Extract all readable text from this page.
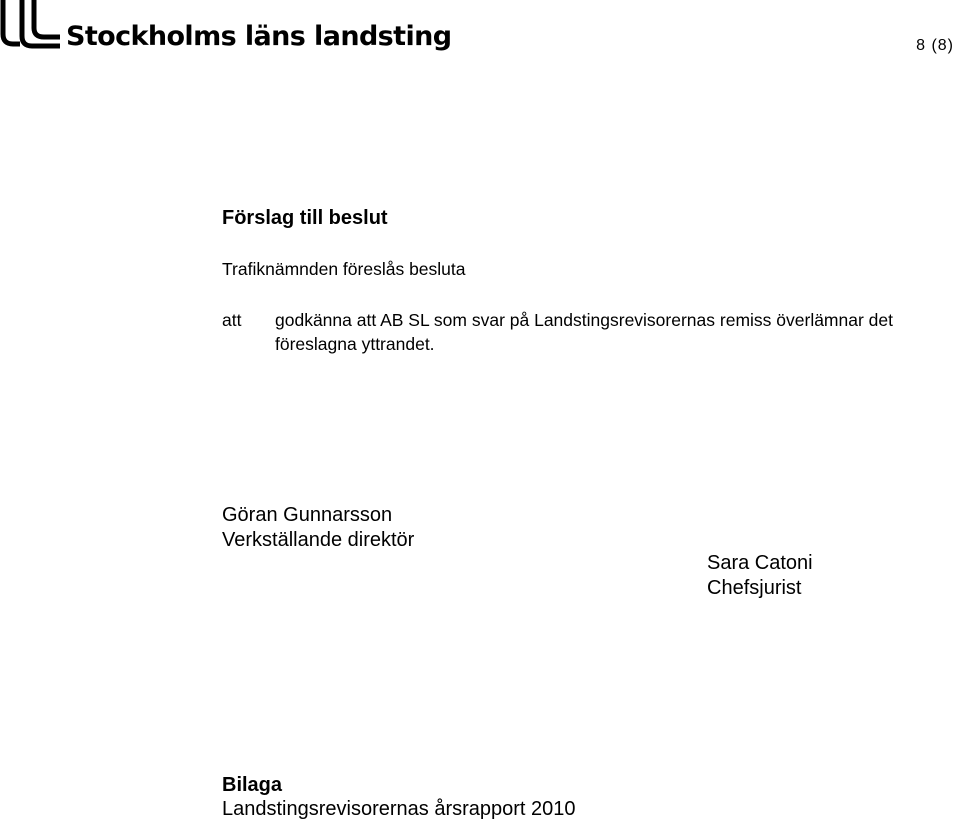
Stockholms läns landsting	8 (8)
Förslag till beslut
Trafiknämnden föreslås besluta
att godkänna att AB SL som svar på Landstingsrevisorernas remiss överlämnar det föreslagna yttrandet.
Göran Gunnarsson
Verkställande direktör
Sara Catoni
Chefsjurist
Bilaga
Landstingsrevisorernas årsrapport 2010
